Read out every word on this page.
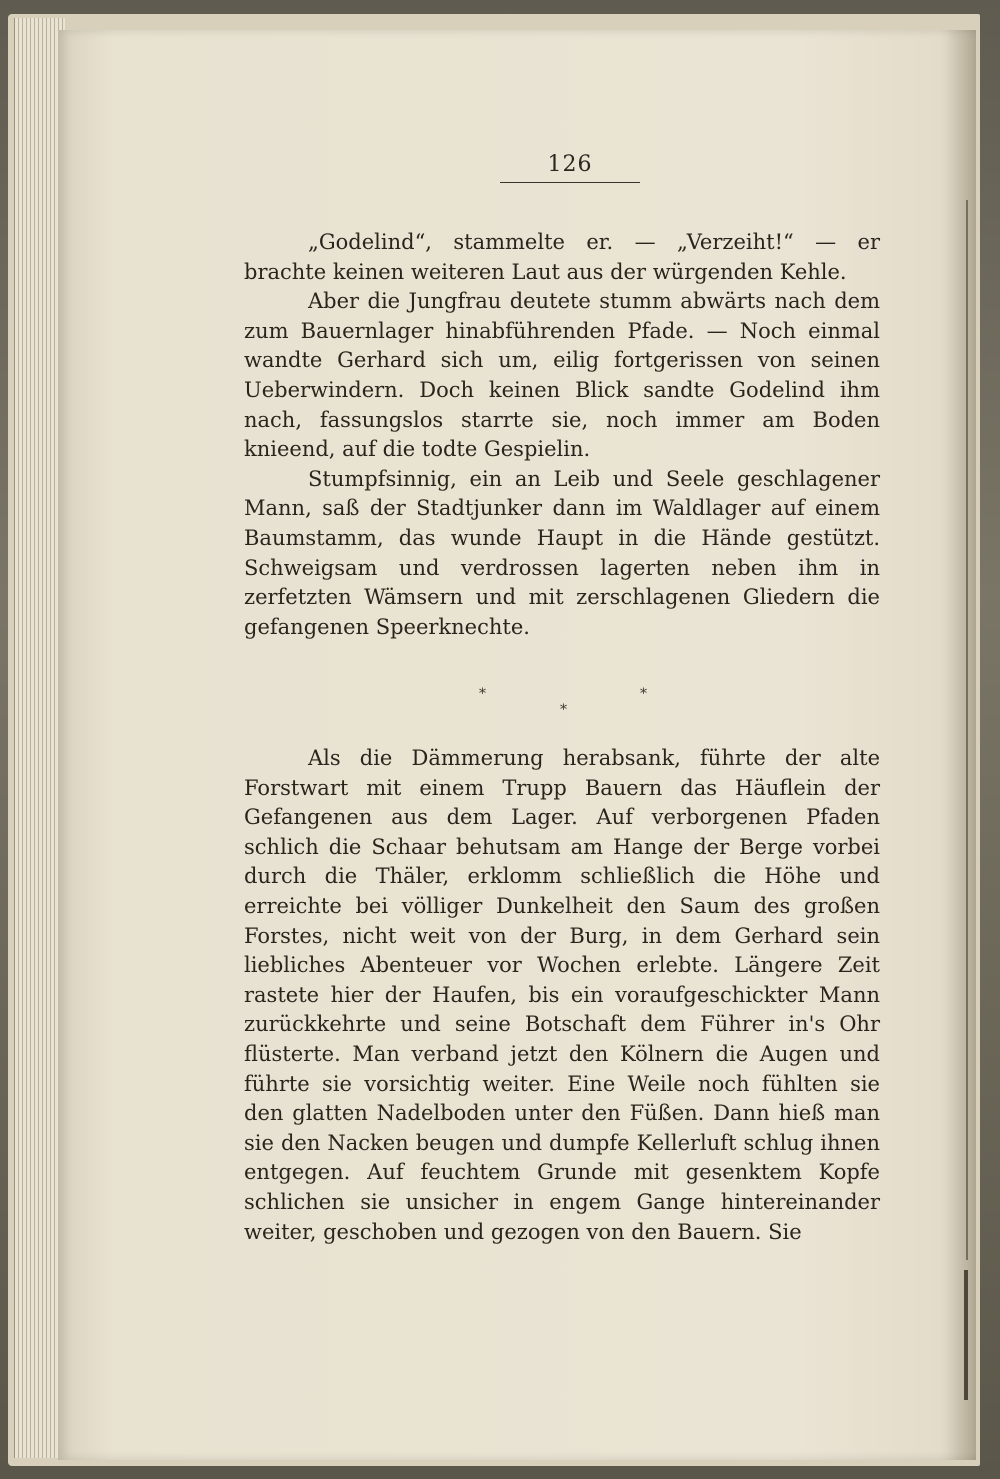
126

„Godelind“, stammelte er. — „Verzeiht!“ — er brachte keinen weiteren Laut aus der würgenden Kehle.

Aber die Jungfrau deutete stumm abwärts nach dem zum Bauernlager hinabführenden Pfade. — Noch einmal wandte Gerhard sich um, eilig fortgerissen von seinen Ueberwindern. Doch keinen Blick sandte Godelind ihm nach, fassungslos starrte sie, noch immer am Boden knieend, auf die todte Gespielin.

Stumpfsinnig, ein an Leib und Seele geschlagener Mann, saß der Stadtjunker dann im Waldlager auf einem Baumstamm, das wunde Haupt in die Hände gestützt. Schweigsam und verdrossen lagerten neben ihm in zerfetzten Wämsern und mit zerschlagenen Gliedern die gefangenen Speerknechte.

*	*
*

Als die Dämmerung herabsank, führte der alte Forstwart mit einem Trupp Bauern das Häuflein der Gefangenen aus dem Lager. Auf verborgenen Pfaden schlich die Schaar behutsam am Hange der Berge vorbei durch die Thäler, erklomm schließlich die Höhe und erreichte bei völliger Dunkelheit den Saum des großen Forstes, nicht weit von der Burg, in dem Gerhard sein liebliches Abenteuer vor Wochen erlebte. Längere Zeit rastete hier der Haufen, bis ein voraufgeschickter Mann zurückkehrte und seine Botschaft dem Führer in's Ohr flüsterte. Man verband jetzt den Kölnern die Augen und führte sie vorsichtig weiter. Eine Weile noch fühlten sie den glatten Nadelboden unter den Füßen. Dann hieß man sie den Nacken beugen und dumpfe Kellerluft schlug ihnen entgegen. Auf feuchtem Grunde mit gesenktem Kopfe schlichen sie unsicher in engem Gange hintereinander weiter, geschoben und gezogen von den Bauern. Sie
